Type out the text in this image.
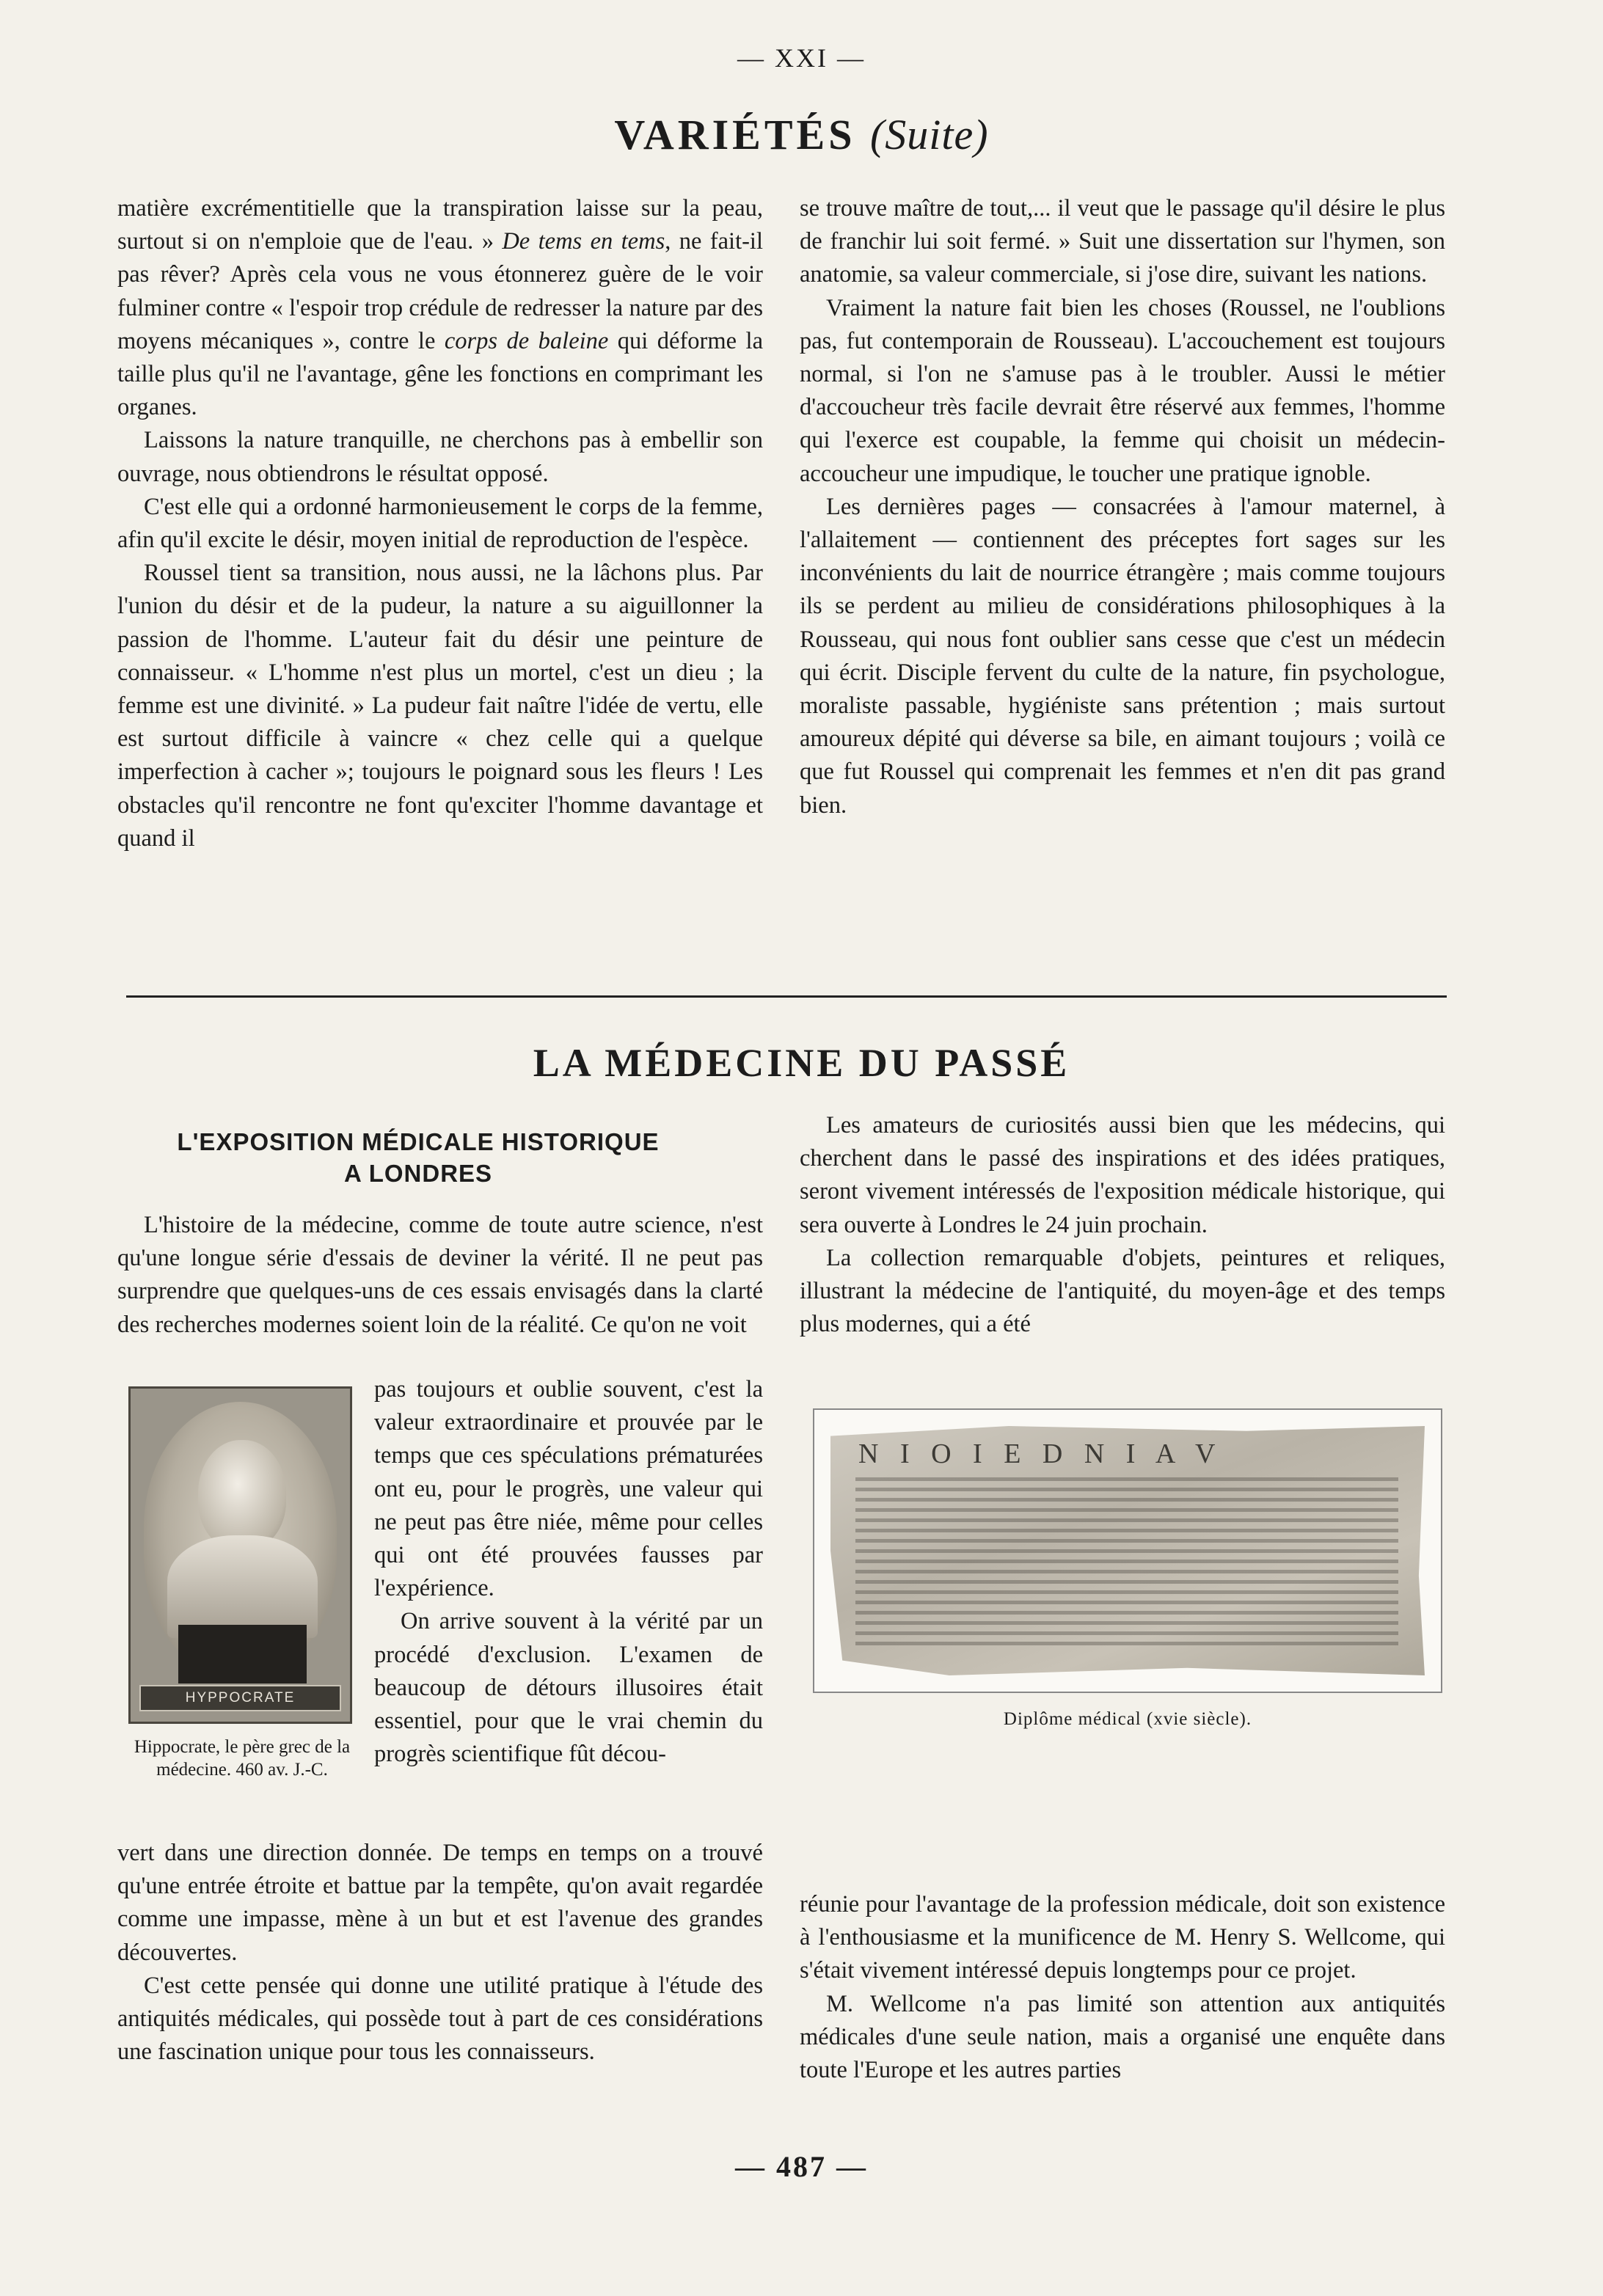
— XXI —
VARIÉTÉS (Suite)

matière excrémentitielle que la transpiration laisse sur la peau, surtout si on n'emploie que de l'eau. » De tems en tems, ne fait-il pas rêver? Après cela vous ne vous étonnerez guère de le voir fulminer contre « l'espoir trop crédule de redresser la nature par des moyens mécaniques », contre le corps de baleine qui déforme la taille plus qu'il ne l'avantage, gêne les fonctions en comprimant les organes.

Laissons la nature tranquille, ne cherchons pas à embellir son ouvrage, nous obtiendrons le résultat opposé.

C'est elle qui a ordonné harmonieusement le corps de la femme, afin qu'il excite le désir, moyen initial de reproduction de l'espèce.

Roussel tient sa transition, nous aussi, ne la lâchons plus. Par l'union du désir et de la pudeur, la nature a su aiguillonner la passion de l'homme. L'auteur fait du désir une peinture de connaisseur. « L'homme n'est plus un mortel, c'est un dieu ; la femme est une divinité. » La pudeur fait naître l'idée de vertu, elle est surtout difficile à vaincre « chez celle qui a quelque imperfection à cacher »; toujours le poignard sous les fleurs ! Les obstacles qu'il rencontre ne font qu'exciter l'homme davantage et quand il

se trouve maître de tout,... il veut que le passage qu'il désire le plus de franchir lui soit fermé. » Suit une dissertation sur l'hymen, son anatomie, sa valeur commerciale, si j'ose dire, suivant les nations.

Vraiment la nature fait bien les choses (Roussel, ne l'oublions pas, fut contemporain de Rousseau). L'accouchement est toujours normal, si l'on ne s'amuse pas à le troubler. Aussi le métier d'accoucheur très facile devrait être réservé aux femmes, l'homme qui l'exerce est coupable, la femme qui choisit un médecin-accoucheur une impudique, le toucher une pratique ignoble.

Les dernières pages — consacrées à l'amour maternel, à l'allaitement — contiennent des préceptes fort sages sur les inconvénients du lait de nourrice étrangère ; mais comme toujours ils se perdent au milieu de considérations philosophiques à la Rousseau, qui nous font oublier sans cesse que c'est un médecin qui écrit. Disciple fervent du culte de la nature, fin psychologue, moraliste passable, hygiéniste sans prétention ; mais surtout amoureux dépité qui déverse sa bile, en aimant toujours ; voilà ce que fut Roussel qui comprenait les femmes et n'en dit pas grand bien.

LA MÉDECINE DU PASSÉ
L'EXPOSITION MÉDICALE HISTORIQUE
A LONDRES

L'histoire de la médecine, comme de toute autre science, n'est qu'une longue série d'essais de deviner la vérité. Il ne peut pas surprendre que quelques-uns de ces essais envisagés dans la clarté des recherches modernes soient loin de la réalité. Ce qu'on ne voit

pas toujours et oublie souvent, c'est la valeur extraordinaire et prouvée par le temps que ces spéculations prématurées ont eu, pour le progrès, une valeur qui ne peut pas être niée, même pour celles qui ont été prouvées fausses par l'expérience.

On arrive souvent à la vérité par un procédé d'exclusion. L'examen de beaucoup de détours illusoires était essentiel, pour que le vrai chemin du progrès scientifique fût décou-

HYPPOCRATE
Hippocrate, le père grec de la médecine. 460 av. J.-C.

vert dans une direction donnée. De temps en temps on a trouvé qu'une entrée étroite et battue par la tempête, qu'on avait regardée comme une impasse, mène à un but et est l'avenue des grandes découvertes.

C'est cette pensée qui donne une utilité pratique à l'étude des antiquités médicales, qui possède tout à part de ces considérations une fascination unique pour tous les connaisseurs.

Les amateurs de curiosités aussi bien que les médecins, qui cherchent dans le passé des inspirations et des idées pratiques, seront vivement intéressés de l'exposition médicale historique, qui sera ouverte à Londres le 24 juin prochain.

La collection remarquable d'objets, peintures et reliques, illustrant la médecine de l'antiquité, du moyen-âge et des temps plus modernes, qui a été

N I O I E D N I A V
Diplôme médical (xvie siècle).

réunie pour l'avantage de la profession médicale, doit son existence à l'enthousiasme et la munificence de M. Henry S. Wellcome, qui s'était vivement intéressé depuis longtemps pour ce projet.

M. Wellcome n'a pas limité son attention aux antiquités médicales d'une seule nation, mais a organisé une enquête dans toute l'Europe et les autres parties

— 487 —
